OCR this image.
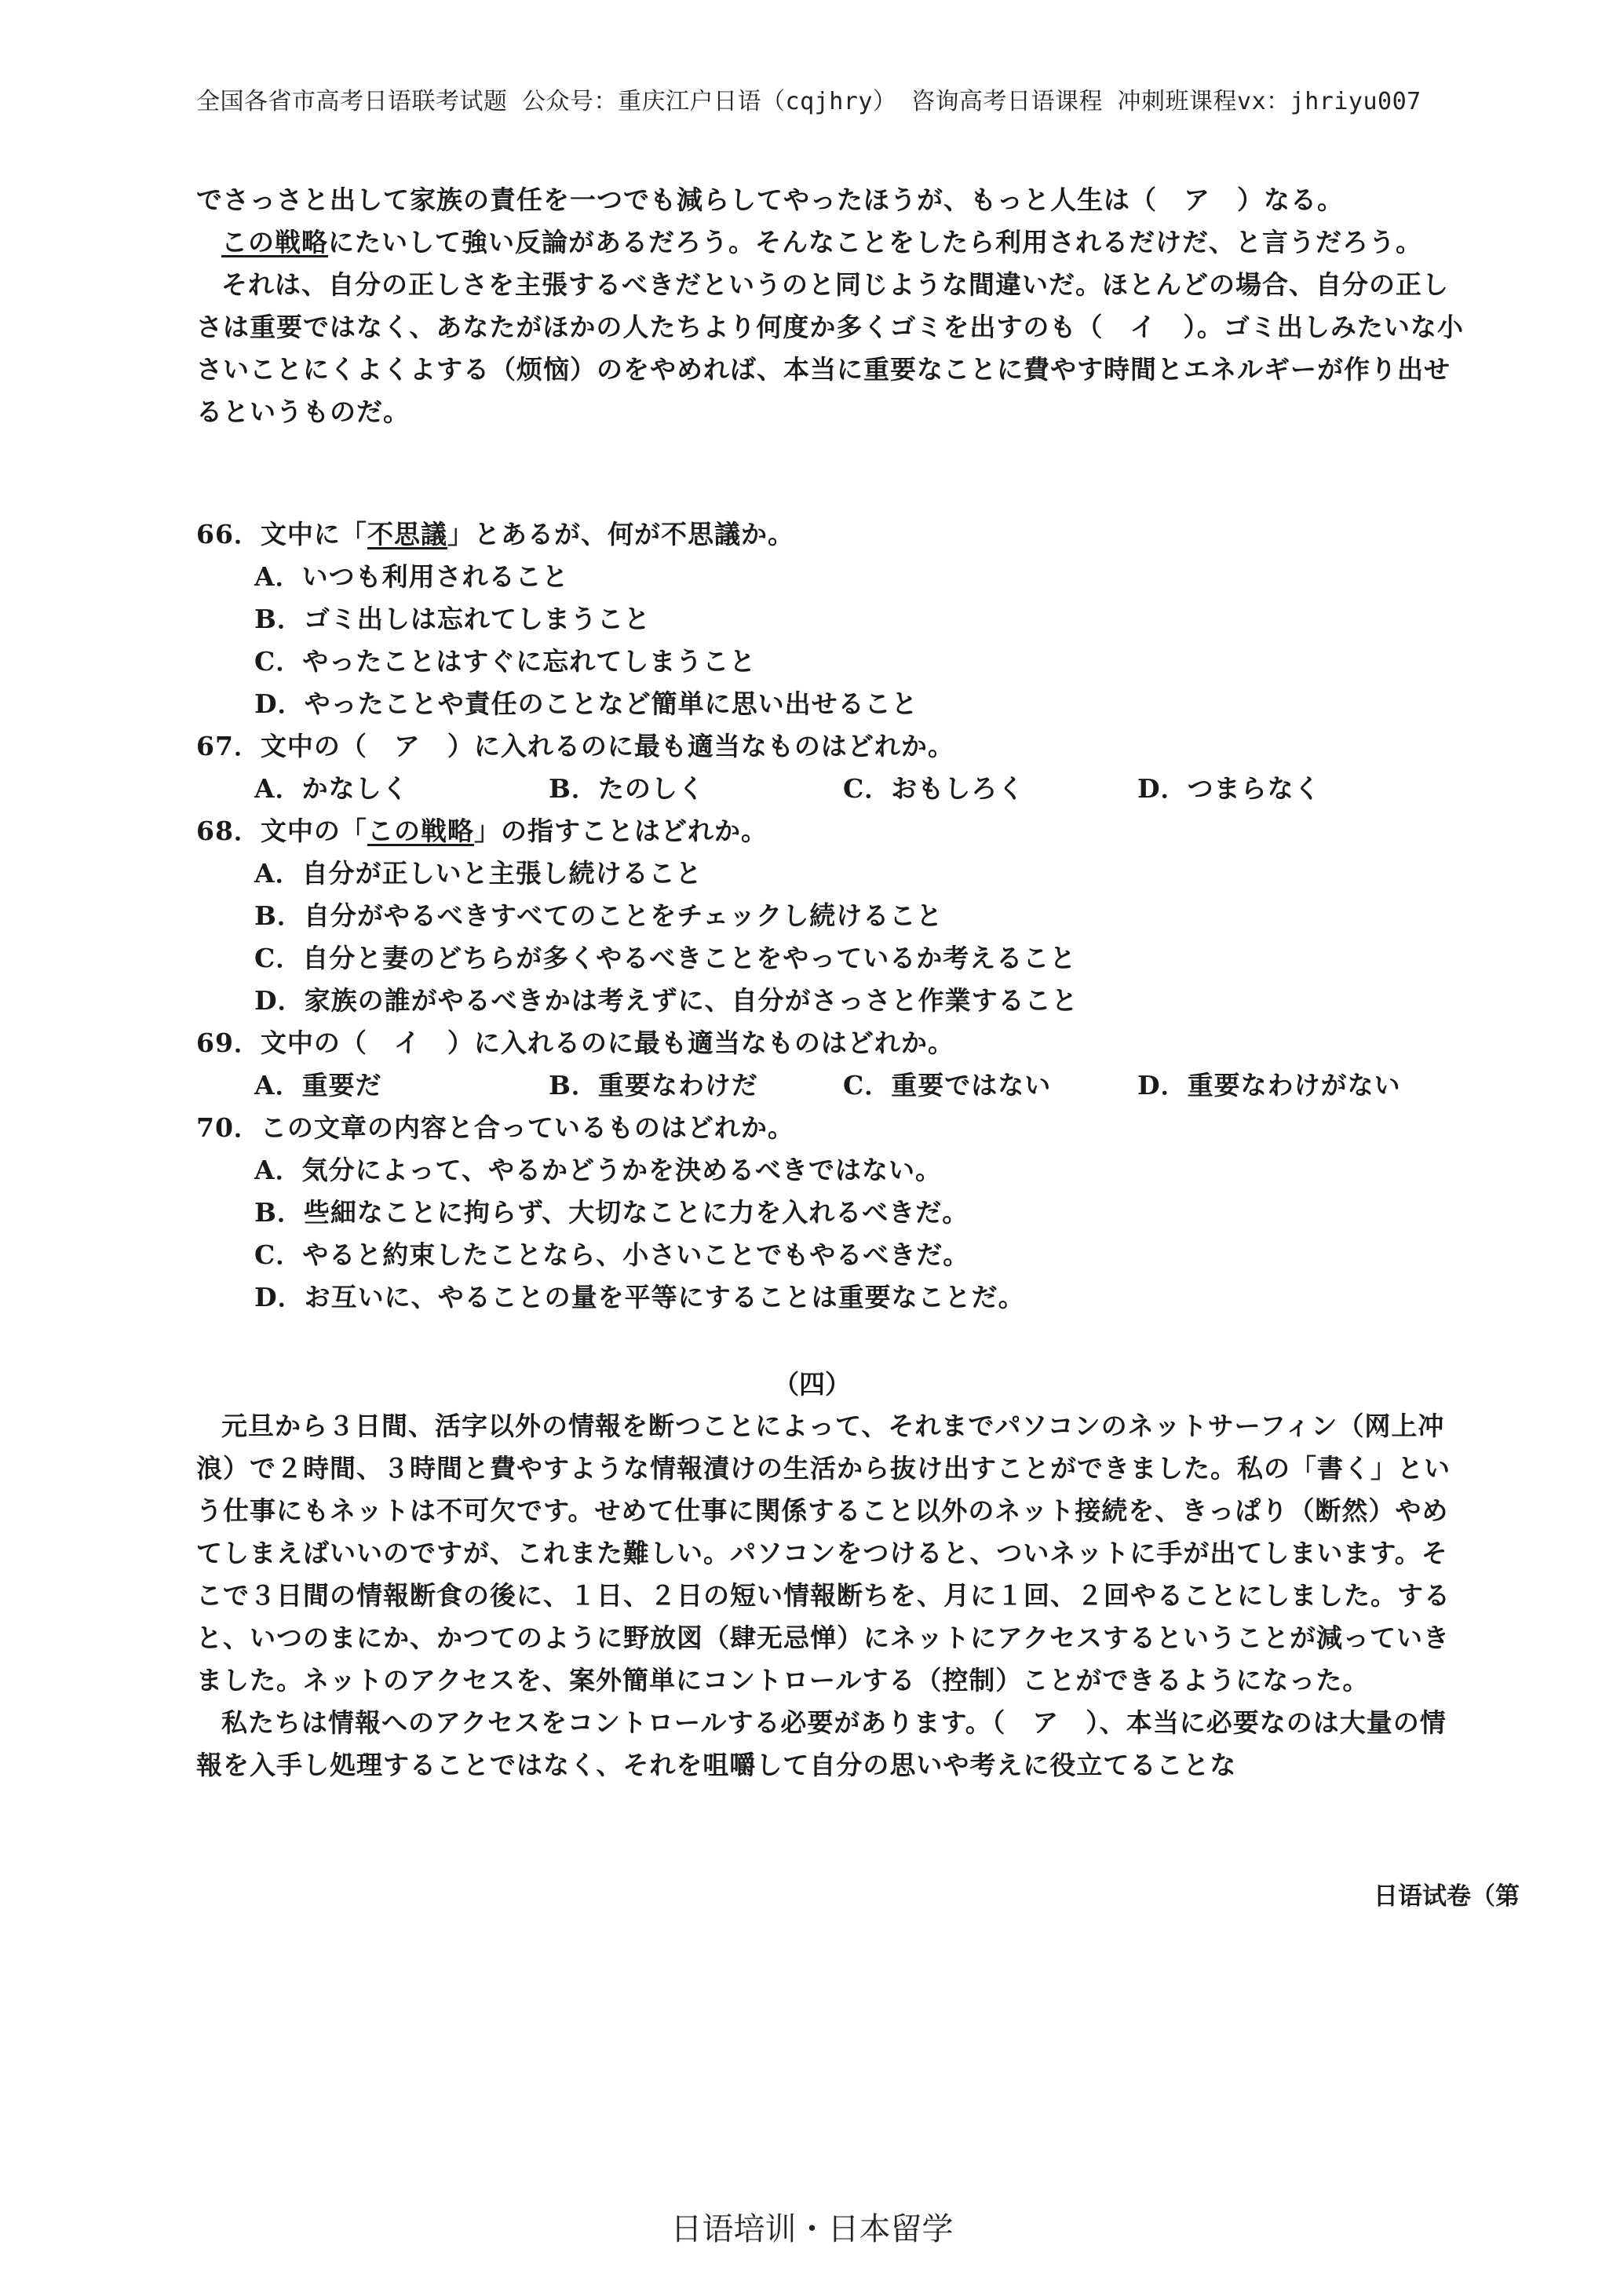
全国各省市高考日语联考试题 公众号：重庆江户日语（cqjhry） 咨询高考日语课程 冲刺班课程vx：jhriyu007

でさっさと出して家族の責任を一つでも減らしてやったほうが、もっと人生は（　ア　）なる。

この戦略にたいして強い反論があるだろう。そんなことをしたら利用されるだけだ、と言うだろう。

それは、自分の正しさを主張するべきだというのと同じような間違いだ。ほとんどの場合、自分の正しさは重要ではなく、あなたがほかの人たちより何度か多くゴミを出すのも（　イ　）。ゴミ出しみたいな小さいことにくよくよする（烦恼）のをやめれば、本当に重要なことに費やす時間とエネルギーが作り出せるというものだ。

66．文中に「不思議」とあるが、何が不思議か。
A．いつも利用されること
B．ゴミ出しは忘れてしまうこと
C．やったことはすぐに忘れてしまうこと
D．やったことや責任のことなど簡単に思い出せること
67．文中の（　ア　）に入れるのに最も適当なものはどれか。
A．かなしく	B．たのしく	C．おもしろく	D．つまらなく
68．文中の「この戦略」の指すことはどれか。
A．自分が正しいと主張し続けること
B．自分がやるべきすべてのことをチェックし続けること
C．自分と妻のどちらが多くやるべきことをやっているか考えること
D．家族の誰がやるべきかは考えずに、自分がさっさと作業すること
69．文中の（　イ　）に入れるのに最も適当なものはどれか。
A．重要だ	B．重要なわけだ	C．重要ではない	D．重要なわけがない
70．この文章の内容と合っているものはどれか。
A．気分によって、やるかどうかを決めるべきではない。
B．些細なことに拘らず、大切なことに力を入れるべきだ。
C．やると約束したことなら、小さいことでもやるべきだ。
D．お互いに、やることの量を平等にすることは重要なことだ。
（四）

元旦から３日間、活字以外の情報を断つことによって、それまでパソコンのネットサーフィン（网上冲浪）で２時間、３時間と費やすような情報漬けの生活から抜け出すことができました。私の「書く」という仕事にもネットは不可欠です。せめて仕事に関係すること以外のネット接続を、きっぱり（断然）やめてしまえばいいのですが、これまた難しい。パソコンをつけると、ついネットに手が出てしまいます。そこで３日間の情報断食の後に、１日、２日の短い情報断ちを、月に１回、２回やることにしました。すると、いつのまにか、かつてのように野放図（肆无忌惮）にネットにアクセスするということが減っていきました。ネットのアクセスを、案外簡単にコントロールする（控制）ことができるようになった。

私たちは情報へのアクセスをコントロールする必要があります。（　ア　）、本当に必要なのは大量の情報を入手し処理することではなく、それを咀嚼して自分の思いや考えに役立てることな

日语试卷（第
日语培训・日本留学
